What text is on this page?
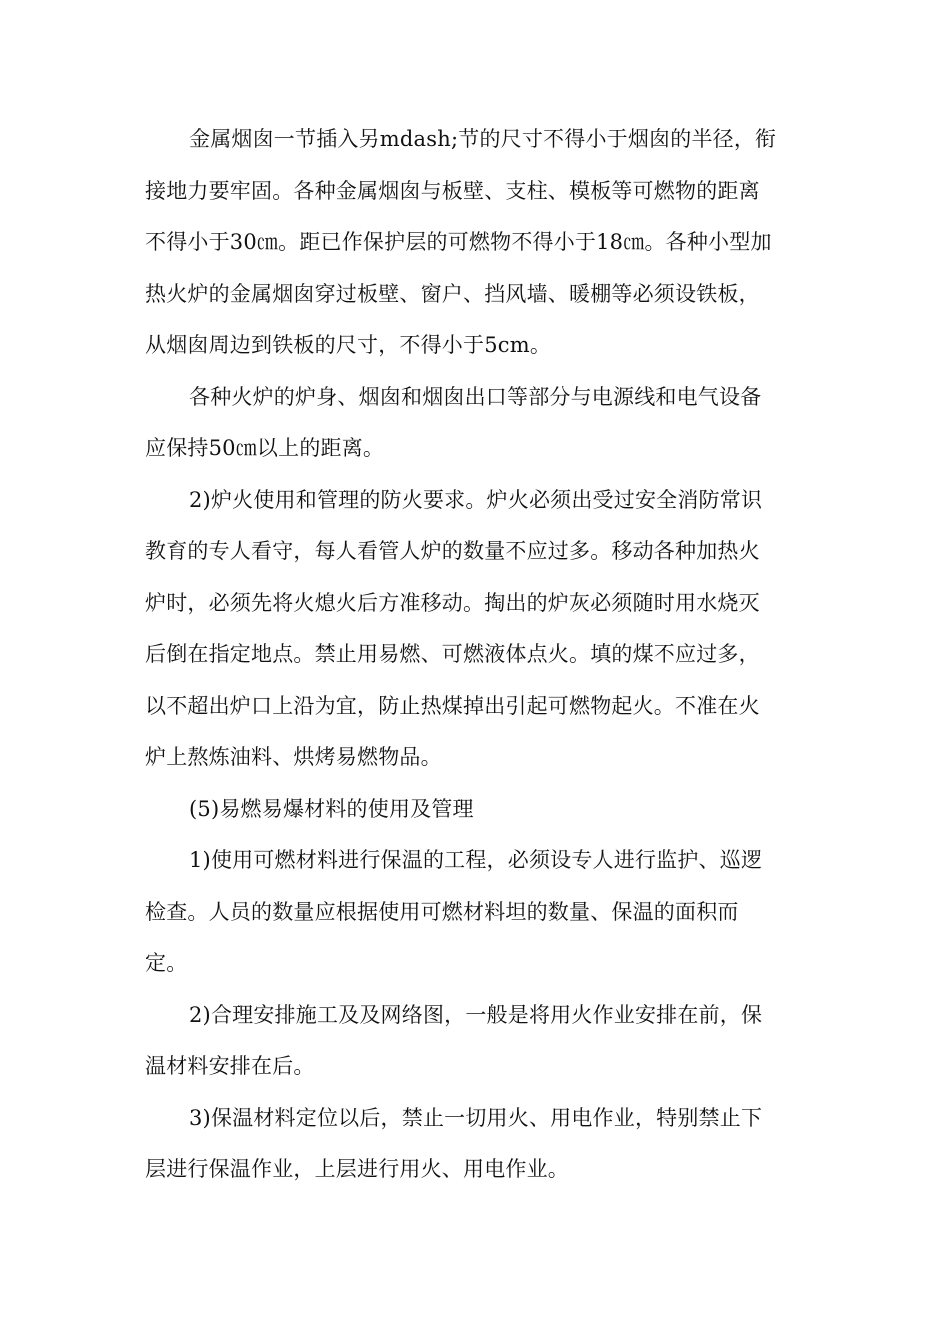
金属烟囱一节插入另mdash;节的尺寸不得小于烟囱的半径，衔
接地力要牢固。各种金属烟囱与板壁、支柱、模板等可燃物的距离
不得小于30㎝。距已作保护层的可燃物不得小于18㎝。各种小型加
热火炉的金属烟囱穿过板壁、窗户、挡风墙、暖棚等必须设铁板，
从烟囱周边到铁板的尺寸，不得小于5cm。

各种火炉的炉身、烟囱和烟囱出口等部分与电源线和电气设备
应保持50㎝以上的距离。

2)炉火使用和管理的防火要求。炉火必须出受过安全消防常识
教育的专人看守，每人看管人炉的数量不应过多。移动各种加热火
炉时，必须先将火熄火后方准移动。掏出的炉灰必须随时用水烧灭
后倒在指定地点。禁止用易燃、可燃液体点火。填的煤不应过多，
以不超出炉口上沿为宜，防止热煤掉出引起可燃物起火。不准在火
炉上熬炼油料、烘烤易燃物品。

(5)易燃易爆材料的使用及管理

1)使用可燃材料进行保温的工程，必须设专人进行监护、巡逻
检查。人员的数量应根据使用可燃材料坦的数量、保温的面积而
定。

2)合理安排施工及及网络图，一般是将用火作业安排在前，保
温材料安排在后。

3)保温材料定位以后，禁止一切用火、用电作业，特别禁止下
层进行保温作业，上层进行用火、用电作业。
